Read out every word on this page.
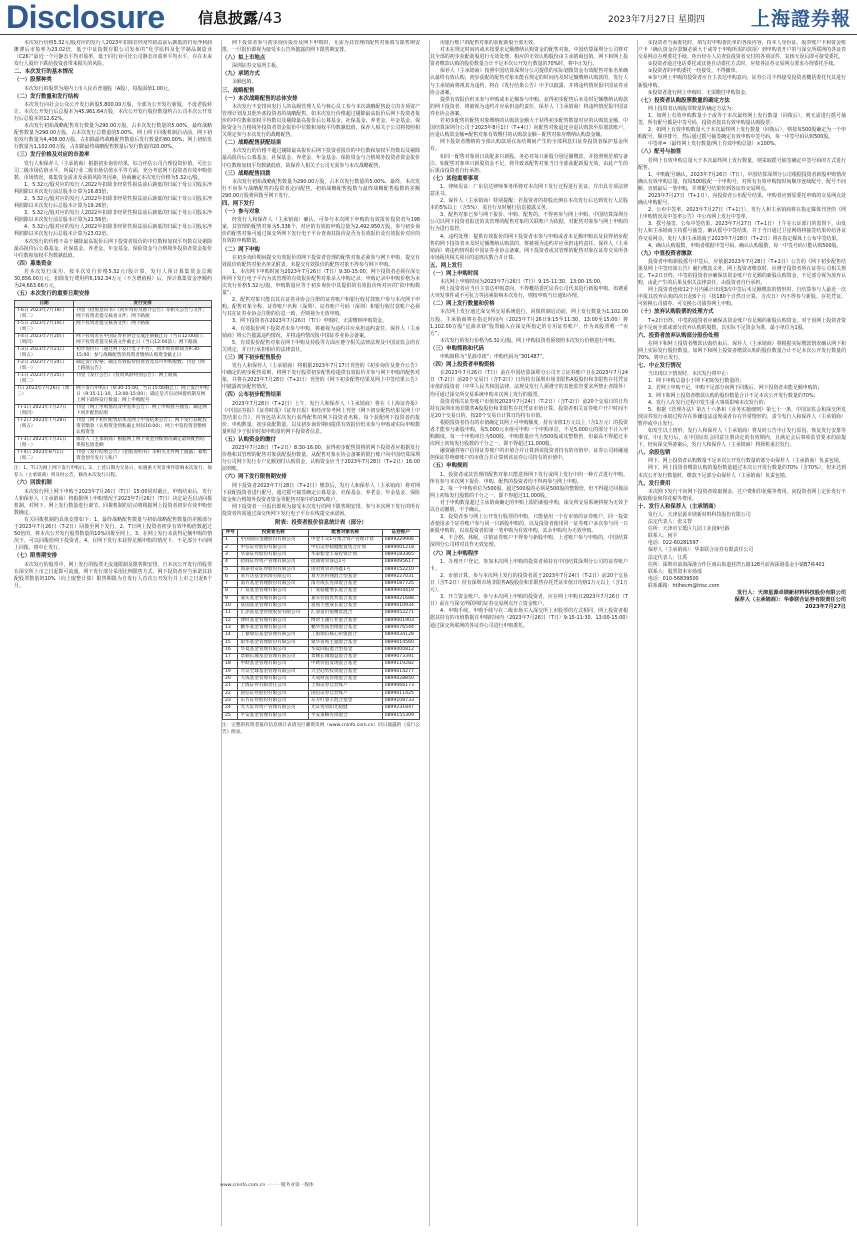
Disclosure 信息披露/43	2023年7月27日 星期四 上海證券報

本次发行价格5.32元/股对应的发行人2023年扣除非经常性损益前后孰低的归母净利润摊薄后市盈率为23.02倍，低于中证指数有限公司发布的“化学原料及化学制品制造业（C26）”最近一个月静态平均市盈率，低于同行业可比公司静态市盈率平均水平，存在未来发行人股价下跌给投资者带来损失的风险。

二、本次发行的基本情况
（一）股票种类

本次发行的股票为境内上市人民币普通股（A股），每股面值1.00元。

（二）发行数量和发行结构

本次发行向社会公众公开发行新股5,800.00万股，全部为公开发行新股，不设老股转让。本次公开发行后总股本为45,961.64万股，本次公开发行股份数量约占公司本次公开发行后总股本的12.62%。

本次发行初始战略配售发行数量为290.00万股，占本次发行数量的5.00%，最终战略配售数量为290.00万股，占本次发行总数量的5.00%。网上网下回拨机制启动前，网下初始发行数量为4,408.00万股，占扣除最终战略配售数量后发行数量的80.00%；网上初始发行数量为1,102.00万股，占扣除最终战略配售数量后发行数量的20.00%。

（三）发行价格及对应的市盈率

发行人和保荐人（主承销商）根据初步询价结果，综合评估公司合理投资价值、可比公司二级市场估值水平、所属行业二级市场估值水平等方面，充分考虑网下投资者有效申购倍数、市场情况、募集资金需求及承销风险等因素，协商确定本次发行价格为5.32元/股。

1、5.32元/股对应的发行人2022年扣除非经常性损益前后孰低的归属于母公司股东净利润除以本次发行前总股本计算为16.83倍；

2、5.32元/股对应的发行人2022年扣除非经常性损益前后孰低的归属于母公司股东净利润除以本次发行后总股本计算为19.26倍；

3、5.32元/股对应的发行人2022年扣除非经常性损益前后孰低的归属于母公司股东净利润除以本次发行前总股本计算为21.56倍；

4、5.32元/股对应的发行人2022年扣除非经常性损益前后孰低的归属于母公司股东净利润除以本次发行后总股本计算为23.02倍。

本次发行的价格不高于剔除最高报价后网下投资者报价的中位数和加权平均数以及剔除最高报价后公募基金、社保基金、养老金、年金基金、保险资金与合格境外投资者资金报价中位数和加权平均数孰低值。

（四）募集资金

若本次发行成功，按本次发行价格5.32元/股计算，发行人预计募集资金总额30,856.00万元，扣除发行费用约6,192.34万元（不含增值税）后，预计募集资金净额约为24,663.66万元。

（五）本次发行的重要日期安排
日期	发行安排
T-6日 2023年7月18日（周二）	刊登《招股意向书》《初步询价及推介公告》等相关公告与文件；网下投资者提交核查文件；网下路演
T-5日 2023年7月19日（周三）	网下投资者提交核查文件；网下路演
T-4日 2023年7月20日（周四）	网下投资者在中国证券业协会完成注册截止日（当日12:00前）；网下投资者提交核查文件截止日（当日12:00前）；网下路演
T-3日 2023年7月21日（周五）	初步询价日（通过网下发行电子平台），初步询价期间为9:30-15:00；参与战略配售的投资者缴纳认购资金截止日
T-2日 2023年7月24日（周一）	确定发行价格；确定有效报价投资者及其可申购股数；刊登《网上路演公告》
T-1日 2023年7月25日（周二）	刊登《发行公告》《投资风险特别公告》；网上路演
T日 2023年7月26日（周三）	网下发行申购日（9:30-15:00，当日15:00截止）；网上发行申购日（9:15-11:30，13:00-15:00）；确定是否启动回拨机制及网上网下最终发行数量；网上申购配号
T+1日 2023年7月27日（周四）	刊登《网上申购情况及中签率公告》；网上申购摇号抽签；确定网下初步配售结果
T+2日 2023年7月28日（周五）	刊登《网下初步配售结果及网上中签结果公告》；网下发行获配投资者缴款（认购资金到账截止时间16:00）；网上中签投资者缴纳认购资金
T+3日 2023年7月31日（周一）	保荐人（主承销商）根据网上网下资金到账情况确定最终配售结果和包销金额
T+4日 2023年8月1日（周二）	刊登《发行结果公告》《招股说明书》等相关文件网上披露；募集资金划至发行人账户

注：1、T日为网上网下发行申购日。2、上述日期为交易日，如遇重大突发事件影响本次发行，保荐人（主承销商）将及时公告，修改本次发行日程。

（六）回拨机制

本次发行网上网下申购于2023年7月26日（T日）15:00同时截止。申购结束后，发行人和保荐人（主承销商）将根据网上申购情况于2023年7月26日（T日）决定是否启动回拨机制，对网下、网上发行数量进行调节。回拨机制的启动将根据网上投资者初步有效申购倍数确定。

有关回拨机制的具体安排如下：1、最终战略配售数量与初始战略配售数量的差额部分于2023年7月26日（T-2日）回拨至网下发行。2、T日网上投资者初步有效申购倍数超过50倍的，将本次公开发行股票数量的10%回拨至网上。3、在网上发行未获得足额申购的情况下，可以回拨给网下投资者。4、在网下发行未获得足额申购的情况下，不足部分不向网上回拨，将中止发行。

（七）限售期安排

本次发行的股票中，网上发行的股票无流通限制及限售期安排，自本次公开发行的股票在深交所上市之日起即可流通。网下发行部分采用比例限售方式，网下投资者应当承诺其获配股票数量的10%（向上取整计算）限售期限为自发行人首次公开发行并上市之日起6个月。

网下投资者参与初步询价报价及网下申购时，无需为其管理的配售对象填写限售期安排，一旦报价即视为接受本公告所披露的网下限售期安排。

（八）拟上市地点

深圳证券交易所主板。

（九）承销方式

余额包销。

三、战略配售
（一）本次战略配售的总体安排

本次发行不安排向发行人的高级管理人员与核心员工参与本次战略配售设立的专项资产管理计划及其他外部投资者的战略配售。如本次发行价格超过剔除最高报价后网下投资者报价的中位数和加权平均数以及剔除最高报价后公募基金、社保基金、养老金、年金基金、保险资金与合格境外投资者资金报价中位数和加权平均数孰低值，保荐人相关子公司将按照相关规定参与本次发行的战略配售。

（二）战略配售获配结果

本次发行的价格不超过剔除最高报价后网下投资者报价的中位数和加权平均数以及剔除最高报价后公募基金、社保基金、养老金、年金基金、保险资金与合格境外投资者资金报价中位数和加权平均数孰低值，故保荐人相关子公司无需参与本次战略配售。

（三）战略配售回拨

本次发行初始战略配售数量为290.00万股，占本次发行数量的5.00%。最终，本次发行不向参与战略配售的投资者定向配售，初始战略配售股数与最终战略配售股数的差额290.00万股将回拨至网下发行。

四、网下发行
（一）参与对象

经发行人和保荐人（主承销商）确认，可参与本次网下申购的有效报价投资者为198家，其管理的配售对象为5,336个，对应的有效拟申购总量为2,492,950万股。参与初步询价的配售对象可通过深交所网下发行电子平台查询其报价是否为有效报价及有效报价对应的有效拟申购数量。

（二）网下申购

在初步询价期间提交有效报价的网下投资者管理的配售对象必须参与网下申购，提交有效报价的配售对象名单见附表。未提交有效报价的配售对象不得参与网下申购。

1、本次网下申购时间为2023年7月26日（T日）9:30-15:00。网下投资者必须在深交所网下发行电子平台为其管理的有效报价配售对象录入申购记录。申购记录中申购价格为本次发行价格5.32元/股，申购数量应等于初步询价中其提供的有效报价所对应的“拟申购数量”。

2、配售对象只能以其在证券业协会注册的证券账户和银行收付款账户参与本次网下申购。配售对象全称、证券账户名称（深圳）、证券账户号码（深圳）和银行收付款账户必须与其在证券业协会注册的信息一致，否则视为无效申购。

3、网下投资者在2023年7月26日（T日）申购时，无需缴纳申购资金。

4、有效报价网下投资者未参与申购，将被视为违约并应承担违约责任。保荐人（主承销商）将公告披露违约情况，并将违约情况报中国证券业协会备案。

5、有效报价配售对象在网下申购及持股等方面应遵守相关法律法规及中国证监会的有关规定，并自行承担相应的法律责任。

（三）网下初步配售股份

发行人和保荐人（主承销商）将根据2023年7月17日刊登的《初步询价及推介公告》中确定的初步配售原则，将网下发行股票初步配售给提供有效报价并参与网下申购的配售对象，并将在2023年7月28日（T+2日）刊登的《网下初步配售结果及网上中签结果公告》中披露初步配售情况。

（四）公布初步配售结果

2023年7月28日（T+2日）上午，发行人和保荐人（主承销商）将在《上海证券报》《中国证券报》《证券时报》《证券日报》和经济参考网上刊登《网下初步配售结果及网上中签结果公告》，内容包括本次发行获得配售的网下投资者名称、每个获配网下投资者的报价、申购数量、初步获配数量，以及初步询价期间提供有效报价但未参与申购或实际申购数量明显少于报价时拟申购量的网下投资者信息。

（五）认购资金的缴付

2023年7月28日（T+2日）8:30-16:00，获得初步配售资格的网下投资者应根据发行价格和其管理的配售对象获配股份数量，从配售对象在协会备案的银行账户向中国结算深圳分公司网下发行专户足额划付认购资金，认购资金应当于2023年7月28日（T+2日）16:00前到账。

（六）网下发行限售期安排

网下投资者2023年7月28日（T+2日）缴款后，发行人和保荐人（主承销商）将对网下获配投资者进行配号，通过摇号抽签确定公募基金、社保基金、养老金、年金基金、保险资金和合格境外投资者资金等配售对象中的10%账户。

网下投资者一旦报价即视为接受本次发行的网下限售期安排。参与本次网下发行的所有投资者均需通过深交所网下发行电子平台在线提交承诺函。

附表：投资者报价信息统计表（部分）
序号	投资者名称	配售对象名称	证券账户
1	中国国际金融股份有限公司	中金丰众1号集合资产管理计划	0899229906
2	中信证券股份有限公司	中信证券稳健配置集合计划	0899001218
3	华泰证券股份有限公司	华泰紫金丰泰投资计划	0899183365
4	招商证券资产管理有限公司	招商资管睿远1号	0899095617
5	国泰君安证券股份有限公司	国君资管君得鑫1号	0899152210
6	易方达基金管理有限公司	易方达科翔混合型基金	0899227031
7	南方基金管理股份有限公司	南方成长先锋混合基金	0899187725
8	广发基金管理有限公司	广发稳健增长混合基金	0899004419
9	嘉实基金管理有限公司	嘉实价值优势混合基金	0899021688
10	富国基金管理有限公司	富国天惠成长混合基金	0899010934
11	汇添富基金管理股份有限公司	汇添富价值精选混合	0899052271
12	博时基金管理有限公司	博时主题行业混合基金	0899001903
13	鹏华基金管理有限公司	鹏华优质治理混合基金	0899076544
14	工银瑞信基金管理有限公司	工银瑞信核心价值混合	0899034128
15	银华基金管理股份有限公司	银华富裕主题混合基金	0899014560
16	华夏基金管理有限公司	华夏回报混合型基金	0899000812
17	景顺长城基金管理有限公司	景顺长城鼎益混合基金	0899073391
18	中欧基金管理有限公司	中欧价值发现混合基金	0899119282
19	兴证全球基金管理有限公司	兴全趋势投资混合基金	0899014277
20	大成基金管理有限公司	大成财富管理混合基金	0899028850
21	上海证券有限责任公司	上海证券自营账户	0899066173
22	国信证券股份有限公司	国信证券自营账户	0899011425
23	东方证券股份有限公司	东方红睿丰混合基金	0899108733
24	光大证券资产管理有限公司	光证资管阳光稳健	0899231847
25	平安基金管理有限公司	平安策略先锋混合	0899155309

注：完整的投资者报价信息统计表请见巨潮资讯网（www.cninfo.com.cn）同日披露的《发行公告》附表。

用银行账户的配售对象的获配新股全部无效。

对未在规定时间内或未按要求足额缴纳认购资金的配售对象，中国结算深圳分公司将对其全部的初步获配新股进行无效处理，相应的无效认购股份由主承销商包销。网下和网上投资者缴款认购的股份数量合计不足本次公开发行数量的70%时，将中止发行。

保荐人（主承销商）按照中国结算深圳分公司提供的实际划拨资金有效配售对象名单确认最终有效认购。初步获配的配售对象未能在规定的时间内及时足额缴纳认购款的，发行人与主承销商将视其为违约，将在《发行结果公告》中予以披露，并将违约情况报中国证券业协会备案。

提供有效报价但未参与申购或未足额参与申购、获得初步配售后未及时足额缴纳认购款的网下投资者，将被视为违约并应承担违约责任，保荐人（主承销商）将违约情况报中国证券业协会备案。

若初步配售的配售对象缴纳的认购款金额大于获得初步配售数量对应的认购款金额，中国结算深圳分公司于2023年8月1日（T+4日）向配售对象退还应退认购款至原划款账户，应退认购款金额=配售对象有效缴付的认购款金额－配售对象应缴纳认购款金额。

网下投资者缴纳的全部认购款项在冻结期间产生的全部利息归证券投资者保护基金所有。

如同一配售对象同日获配多只新股，务必对每只新股分别足额缴款，并按照规范填写备注。如配售对象单只新股资金不足，将导致该配售对象当日全部获配新股无效，由此产生的后果由投资者自行承担。

（七）其他重要事项

1、律师见证：广东信达律师事务所将对本次网下发行过程进行见证，并出具专项法律意见书。

2、保荐人（主承销商）特别提醒：若投资者的持股比例在本次发行后达到发行人总股本的5%以上（含5%），需自行及时履行信息披露义务。

3、配售对象已参与网下报价、申购、配售的，不得再参与网上申购。中国结算深圳分公司以网下投资者报送的其管理的配售对象的关联账户为依据，对配售对象参与网上申购的行为进行监控。

4、违约处理：提供有效报价的网下投资者未参与申购或者未足额申购以及获得初步配售的网下投资者未及时足额缴纳认购款的，将被视为违约并应承担违约责任。保荐人（主承销商）将违约情况报中国证券业协会备案。网下投资者或其管理的配售对象在证券交易所各市场板块相关项目的违规次数合并计算。

五、网上发行
（一）网上申购时间

本次网上申购时间为2023年7月26日（T日）9:15-11:30、13:00-15:00。

网上投资者应当自主表达申购意向，不得概括委托证券公司代其进行新股申购。如遇重大突发事件或不可抗力等因素影响本次发行，则按申购当日通知办理。

（二）网上发行数量和价格

本次网上发行通过深交所交易系统进行，回拨机制启动前，网上发行数量为1,102.00万股。主承销商将在指定时间内（2023年7月26日9:15至11:30，13:00至15:00）将1,102.00万股“星源卓镁”股票输入在深交所指定的专用证券账户，作为该股票唯一“卖方”。

本次发行的发行价格为5.32元/股。网上申购投资者须按照本次发行价格进行申购。

（三）申购简称和代码

申购简称为“星源卓镁”；申购代码为“301487”。

（四）网上投资者申购资格

在2023年7月26日（T日）前在中国结算深圳分公司开立证券账户且在2023年7月24日（T-2日）前20个交易日（含T-2日）日均持有深圳市场非限售A股股份和非限售存托凭证市值的投资者（中华人民共和国法律、法规及发行人须遵守的其他监管要求所禁止者除外）均可通过深交所交易系统申购本次网上发行的股票。

投资者相关证券账户市值按2023年7月24日（T-2日）（含T-2日）前20个交易日的日均持有深圳市场非限售A股股份和非限售存托凭证市值计算。投资者相关证券账户开户时间不足20个交易日的，按20个交易日计算日均持有市值。

根据投资者持有的市值确定其网上可申购额度，持有市值1万元以上（含1万元）的投资者才能参与新股申购，每5,000元市值可申购一个申购单位，不足5,000元的部分不计入申购额度。每一个申购单位为500股，申购数量应当为500股或其整数倍，但最高不得超过本次网上初始发行股数的千分之一，即不得超过11,000股。

融资融券客户信用证券账户的市值合并计算到该投资者持有的市值中，证券公司转融通担保证券明细账户的市值合并计算到该证券公司持有的市值中。

（五）申购规则

1、投资者或其管理的配售对象只能选择网下发行或网上发行中的一种方式进行申购。所有参与本次网下报价、申购、配售的投资者均不得再参与网上申购。

2、每一个申购单位为500股，超过500股的必须是500股的整数倍，但不得超过回拨前网上初始发行股数的千分之一，即不得超过11,000股。

对于申购数量超过主承销商确定的申购上限的新股申购，深交所交易系统将视为无效予以自动撤销，不予确认。

3、投资者参与网上公开发行股票的申购，只能使用一个有市值的证券账户。同一投资者使用多个证券账户参与同一只新股申购的，以及投资者使用同一证券账户多次参与同一只新股申购的，以该投资者的第一笔申购为有效申购，其余申购均为无效申购。

4、不合格、休眠、注销证券账户不得参与新股申购，上述账户参与申购的，中国结算深圳分公司将对其作无效处理。

（六）网上申购程序

1、办理开户登记。参加本次网上申购的投资者须持有中国结算深圳分公司的证券账户卡。

2、市值计算。参与本次网上发行的投资者需于2023年7月24日（T-2日）前20个交易日（含T-2日）持有深圳市场非限售A股股份和非限售存托凭证市值日均值1万元以上（含1万元）。

3、开立资金账户。参与本次网上申购的投资者，应在网上申购日2023年7月26日（T日）前在与深交所联网的证券交易网点开立资金账户。

4、申购手续。申购手续与在二级市场买入深交所上市股票的方式相同，网上投资者根据其持有的市值数据在申购时间内（2023年7月26日（T日）9:15-11:30、13:00-15:00）通过深交所联网的各证券公司进行申购委托。

①投资者当面委托时，填写好申购委托单的各项内容，持本人身份证、股票账户卡和资金账户卡（确认资金存款额必须大于或等于申购所需的款项）到申购者开户的与深交所联网的各证券交易网点办理委托手续。柜台经办人员查验投资者交付的各项证件，复核无误后即可接受委托。

②投资者通过电话委托或其他自动委托方式时，应按各证券交易网点要求办理委托手续。

③投资者的申购委托一经接受，不得撤单。

④参与网上申购的投资者应自主表达申购意向，证券公司不得接受投资者概括委托代其进行新股申购。

⑤投资者进行网上申购时，无需缴付申购资金。

（七）投资者认购股票数量的确定方法

网上投资者认购股票数量的确定方法为：

1、如网上有效申购数量小于或等于本次最终网上发行数量（回拨后），则无需进行摇号抽签，所有配号都是中签号码，投资者按其有效申购量认购股票；

2、如网上有效申购数量大于本次最终网上发行数量（回拨后），则按每500股确定为一个申购配号，顺序排号，然后通过摇号抽签确定有效申购中签号码，每一中签号码认购500股。

中签率=（最终网上发行数量/网上有效申购总量）×100%。

（八）配号与抽签

若网上有效申购总量大于本次最终网上发行数量，则采取摇号抽签确定中签号码的方式进行配售。

1、申购配号确认。2023年7月26日（T日），中国结算深圳分公司根据投资者新股申购情况确认有效申购总量，按每500股配一个申购号，对所有有效申购按时间顺序连续配号，配号不间断，直到最后一笔申购，并将配号结果传到各证券交易网点。

2023年7月27日（T+1日），向投资者公布配号结果。申购者应到原委托申购的交易网点处确认申购配号。

2、公布中签率。2023年7月27日（T+1日），发行人和主承销商将在指定媒体刊登的《网上申购情况及中签率公告》中公布网上发行中签率。

3、摇号抽签、公布中签结果。2023年7月27日（T+1日）上午在公证部门的监督下，由发行人和主承销商主持摇号抽签，确认摇号中签结果，并于当日通过卫星网络将抽签结果传给各证券交易网点。发行人和主承销商于2023年7月28日（T+2日）将在指定媒体上公布中签结果。

4、确认认购股数。申购者根据中签号码，确认认购股数，每一中签号码只能认购500股。

（九）中签投资者缴款

投资者申购新股摇号中签后，应依据2023年7月28日（T+2日）公告的《网下初步配售结果及网上中签结果公告》履行缴款义务，网上投资者缴款时，应遵守投资者所在证券公司相关规定。T+2日日终，中签的投资者应确保其资金账户有足额的新股认购资金，不足部分视为放弃认购，由此产生的后果及相关法律责任，由投资者自行承担。

网上投资者连续12个月内累计出现3次中签后未足额缴款的情形时，自结算参与人最近一次申报其放弃认购的次日起6个月（按180个自然日计算，含次日）内不得参与新股、存托凭证、可转换公司债券、可交换公司债券网上申购。

（十）放弃认购股票的处理方式

T+2日日终，中签的投资者应确保其资金账户有足额的新股认购资金。对于因网上投资者资金不足而全部或部分放弃认购的股数，以实际不足资金为准，最小单位为1股。

六、投资者放弃认购部分股份处理

在网下和网上投资者缴款认购结束后，保荐人（主承销商）将根据实际缴款情况确认网下和网上实际发行股份数量。如网下和网上投资者缴款认购的股份数量合计不足本次公开发行数量的70%，将中止发行。

七、中止发行情况

当出现以下情况时，本次发行将中止：

1、网下申购总量小于网下初始发行数量的；

2、若网上申购不足，申购不足部分向网下回拨后，网下投资者未能足额申购的；

3、网下和网上投资者缴款认购的股份数量合计不足本次公开发行数量的70%；

4、发行人在发行过程中发生重大事项影响本次发行的；

5、根据《管理办法》第五十六条和《业务实施细则》第七十一条，中国证监会和深交所发现证券发行承销过程存在涉嫌违法违规或者存在异常情形的，责令发行人和保荐人（主承销商）暂停或中止发行。

如发生以上情形，发行人和保荐人（主承销商）将及时公告中止发行原因、恢复发行安排等事宜。中止发行后，在中国证监会同意注册决定的有效期内，且满足会后事项监管要求的前提下，经向深交所备案后，发行人和保荐人（主承销商）将择机重启发行。

八、余股包销

网下、网上投资者认购数量不足本次公开发行数量的部分由保荐人（主承销商）负责包销。

网下、网上投资者缴款认购的股份数量超过本次公开发行数量的70%（含70%），但未达到本次公开发行数量时，缴款不足部分由保荐人（主承销商）负责包销。

九、发行费用

本次网下发行不向网下投资者收取佣金、过户费和印花税等费用。向投资者网上定价发行不收取佣金和印花税等费用。

十、发行人和保荐人（主承销商）

发行人：天津星源卓镁新材料科技股份有限公司

法定代表人：张义智

住所：天津市宝坻区九园工业园9号路

联系人：何平

电话：022-60281597

保荐人（主承销商）：华泰联合证券有限责任公司

法定代表人：江禹

住所：深圳市前海深港合作区南山街道桂湾五路128号前海深港基金小镇B7栋401

联系人：股票资本市场部

电话：010-56839500

联系邮箱：htlhecm@htsc.com

发行人：天津星源卓镁新材料科技股份有限公司

保荐人（主承销商）：华泰联合证券有限责任公司

2023年7月27日

www.cninfo.com.cn 一一一服务业第一媒体
